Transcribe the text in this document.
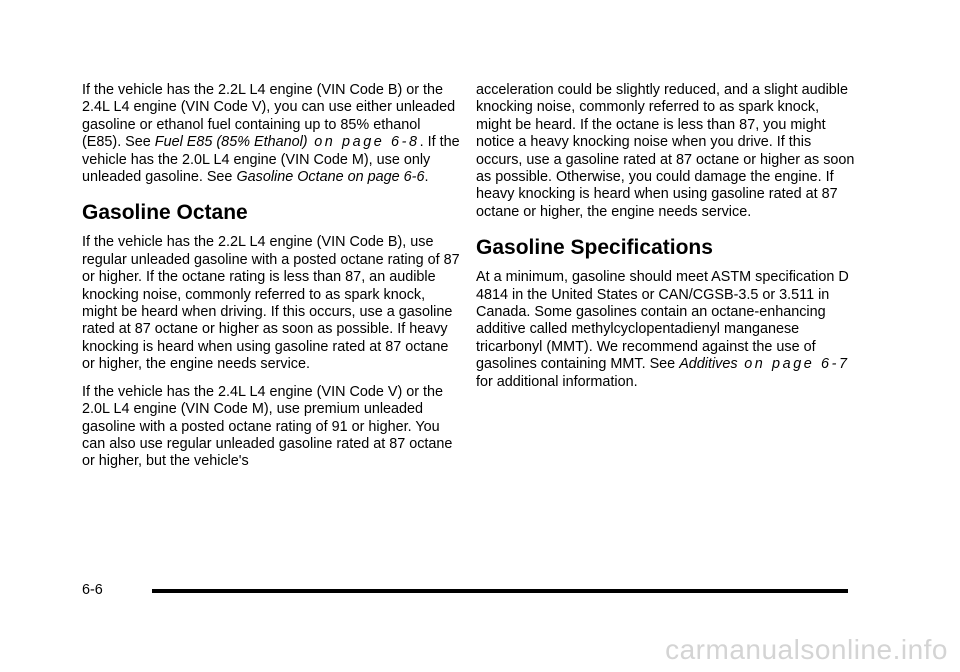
If the vehicle has the 2.2L L4 engine (VIN Code B) or the 2.4L L4 engine (VIN Code V), you can use either unleaded gasoline or ethanol fuel containing up to 85% ethanol (E85). See Fuel E85 (85% Ethanol) on page 6-8. If the vehicle has the 2.0L L4 engine (VIN Code M), use only unleaded gasoline. See Gasoline Octane on page 6-6.

Gasoline Octane

If the vehicle has the 2.2L L4 engine (VIN Code B), use regular unleaded gasoline with a posted octane rating of 87 or higher. If the octane rating is less than 87, an audible knocking noise, commonly referred to as spark knock, might be heard when driving. If this occurs, use a gasoline rated at 87 octane or higher as soon as possible. If heavy knocking is heard when using gasoline rated at 87 octane or higher, the engine needs service.

If the vehicle has the 2.4L L4 engine (VIN Code V) or the 2.0L L4 engine (VIN Code M), use premium unleaded gasoline with a posted octane rating of 91 or higher. You can also use regular unleaded gasoline rated at 87 octane or higher, but the vehicle's

acceleration could be slightly reduced, and a slight audible knocking noise, commonly referred to as spark knock, might be heard. If the octane is less than 87, you might notice a heavy knocking noise when you drive. If this occurs, use a gasoline rated at 87 octane or higher as soon as possible. Otherwise, you could damage the engine. If heavy knocking is heard when using gasoline rated at 87 octane or higher, the engine needs service.

Gasoline Specifications

At a minimum, gasoline should meet ASTM specification D 4814 in the United States or CAN/CGSB-3.5 or 3.511 in Canada. Some gasolines contain an octane-enhancing additive called methylcyclopentadienyl manganese tricarbonyl (MMT). We recommend against the use of gasolines containing MMT. See Additives on page 6-7 for additional information.

6-6
carmanualsonline.info
